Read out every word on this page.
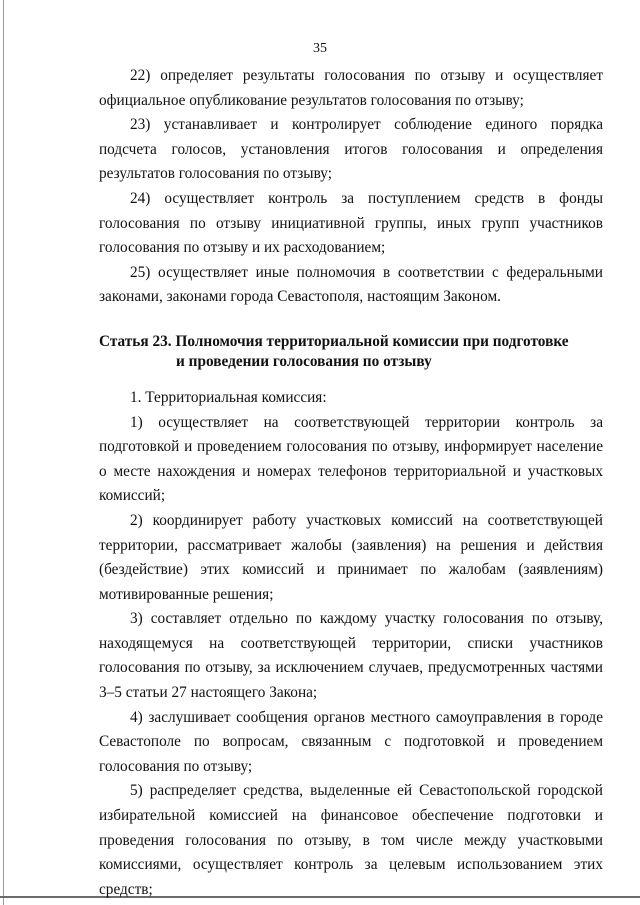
35

22) определяет результаты голосования по отзыву и осуществляет официальное опубликование результатов голосования по отзыву;

23) устанавливает и контролирует соблюдение единого порядка подсчета голосов, установления итогов голосования и определения результатов голосования по отзыву;

24) осуществляет контроль за поступлением средств в фонды голосования по отзыву инициативной группы, иных групп участников голосования по отзыву и их расходованием;

25) осуществляет иные полномочия в соответствии с федеральными законами, законами города Севастополя, настоящим Законом.

Статья 23. Полномочия территориальной комиссии при подготовке
и проведении голосования по отзыву

1. Территориальная комиссия:

1) осуществляет на соответствующей территории контроль за подготовкой и проведением голосования по отзыву, информирует население о месте нахождения и номерах телефонов территориальной и участковых комиссий;

2) координирует работу участковых комиссий на соответствующей территории, рассматривает жалобы (заявления) на решения и действия (бездействие) этих комиссий и принимает по жалобам (заявлениям) мотивированные решения;

3) составляет отдельно по каждому участку голосования по отзыву, находящемуся на соответствующей территории, списки участников голосования по отзыву, за исключением случаев, предусмотренных частями 3–5 статьи 27 настоящего Закона;

4) заслушивает сообщения органов местного самоуправления в городе Севастополе по вопросам, связанным с подготовкой и проведением голосования по отзыву;

5) распределяет средства, выделенные ей Севастопольской городской избирательной комиссией на финансовое обеспечение подготовки и проведения голосования по отзыву, в том числе между участковыми комиссиями, осуществляет контроль за целевым использованием этих средств;
